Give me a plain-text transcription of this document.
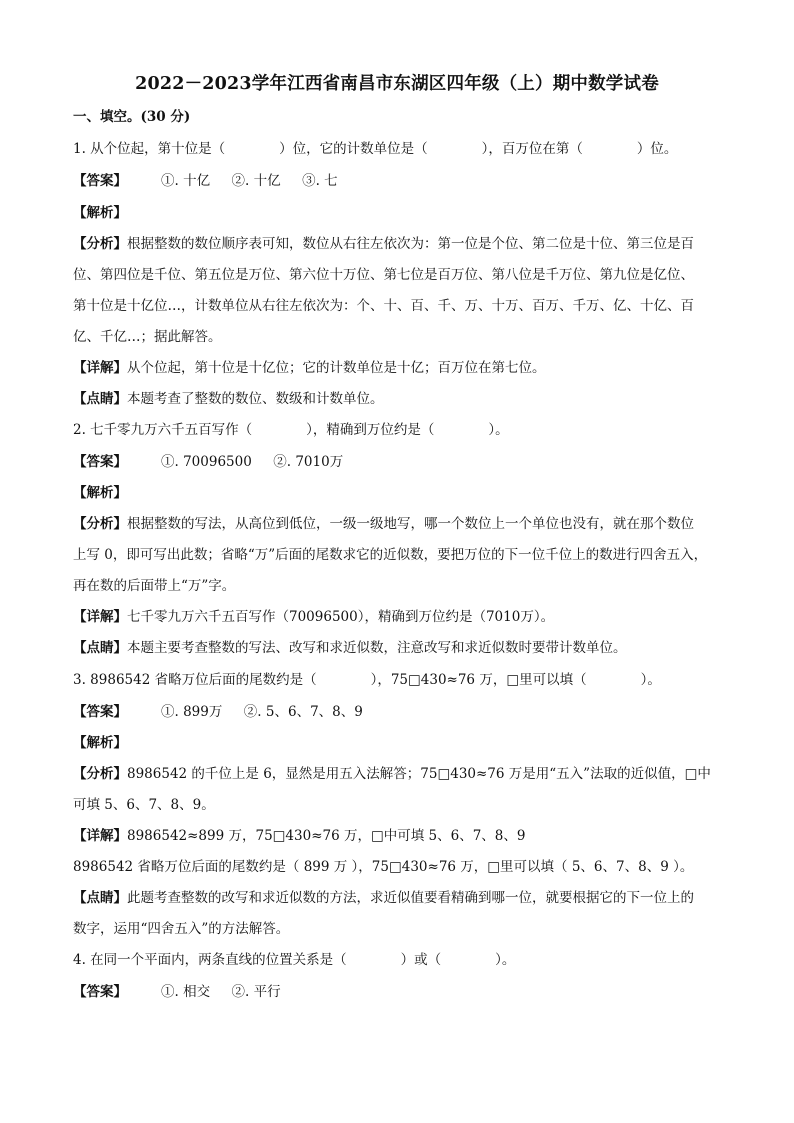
2022－2023学年江西省南昌市东湖区四年级（上）期中数学试卷
一、填空。(30 分)
1. 从个位起，第十位是（　　　　）位，它的计数单位是（　　　　），百万位在第（　　　　）位。
【答案】	①. 十亿     ②. 十亿     ③. 七
【解析】
【分析】根据整数的数位顺序表可知，数位从右往左依次为：第一位是个位、第二位是十位、第三位是百
位、第四位是千位、第五位是万位、第六位十万位、第七位是百万位、第八位是千万位、第九位是亿位、
第十位是十亿位…，计数单位从右往左依次为：个、十、百、千、万、十万、百万、千万、亿、十亿、百
亿、千亿…；据此解答。
【详解】从个位起，第十位是十亿位；它的计数单位是十亿；百万位在第七位。
【点睛】本题考查了整数的数位、数级和计数单位。
2. 七千零九万六千五百写作（　　　　），精确到万位约是（　　　　）。
【答案】	①. 70096500     ②. 7010万
【解析】
【分析】根据整数的写法，从高位到低位，一级一级地写，哪一个数位上一个单位也没有，就在那个数位
上写 0，即可写出此数；省略“万”后面的尾数求它的近似数，要把万位的下一位千位上的数进行四舍五入，
再在数的后面带上“万”字。
【详解】七千零九万六千五百写作（70096500），精确到万位约是（7010万）。
【点睛】本题主要考查整数的写法、改写和求近似数，注意改写和求近似数时要带计数单位。
3. 8986542 省略万位后面的尾数约是（　　　　），75□430≈76 万，□里可以填（　　　　）。
【答案】	①. 899万     ②. 5、6、7、8、9
【解析】
【分析】8986542 的千位上是 6，显然是用五入法解答；75□430≈76 万是用“五入”法取的近似值，□中
可填 5、6、7、8、9。
【详解】8986542≈899 万，75□430≈76 万，□中可填 5、6、7、8、9
8986542 省略万位后面的尾数约是（ 899 万 ），75□430≈76 万，□里可以填（ 5、6、7、8、9 ）。
【点睛】此题考查整数的改写和求近似数的方法，求近似值要看精确到哪一位，就要根据它的下一位上的
数字，运用“四舍五入”的方法解答。
4. 在同一个平面内，两条直线的位置关系是（　　　　）或（　　　　）。
【答案】	①. 相交     ②. 平行
